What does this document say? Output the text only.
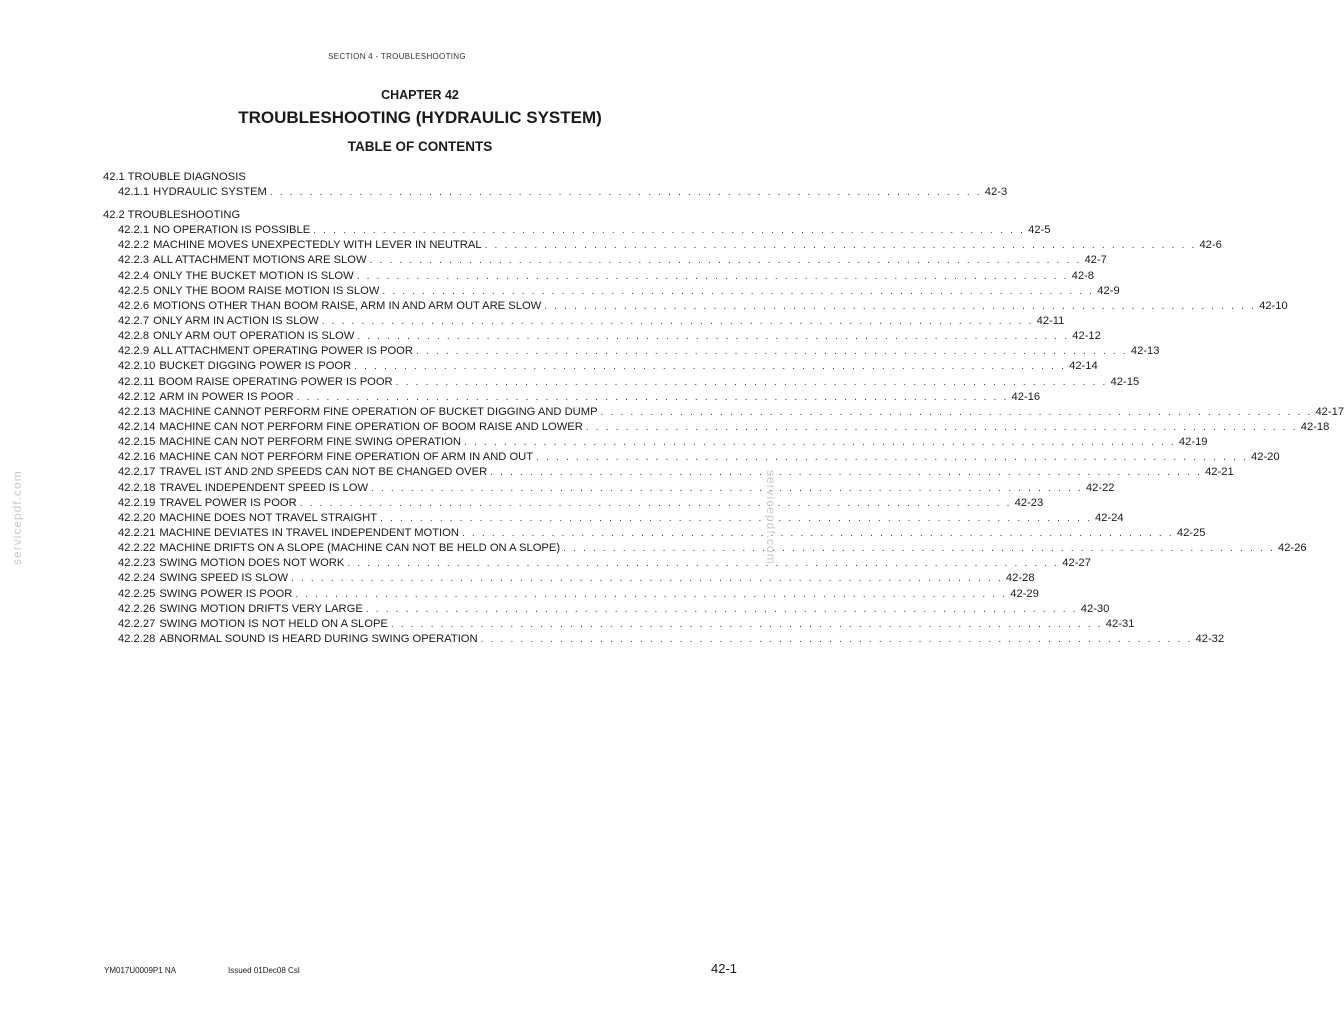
SECTION 4 - TROUBLESHOOTING
CHAPTER 42
TROUBLESHOOTING (HYDRAULIC SYSTEM)
TABLE OF CONTENTS
42.1 TROUBLE DIAGNOSIS
42.1.1 HYDRAULIC SYSTEM . . . . . . . . . . . . . . . . . . . . . . . . . . . . . . . . . . . . . . . . . . . . . . . . . . . . . . . . . . . . . . . . . . . . . . . . 42-3
42.2 TROUBLESHOOTING
42.2.1 NO OPERATION IS POSSIBLE . . . . . . . . . . . . . . . . . . . . . . . . . . . . . . . . . . . . . . . . . . . . . . . . . . . . . . . . . . . . . . . . . . . . . . . . 42-5
42.2.2 MACHINE MOVES UNEXPECTEDLY WITH LEVER IN NEUTRAL . . . . . . . . . . . . . . . . . . . . . . . . . . . . . . . . . . . . . . . . . . . . . . . . . . . . . . . . . . . . . . . . . . . . . . . . 42-6
42.2.3 ALL ATTACHMENT MOTIONS ARE SLOW . . . . . . . . . . . . . . . . . . . . . . . . . . . . . . . . . . . . . . . . . . . . . . . . . . . . . . . . . . . . . . . . . . . . . . . . 42-7
42.2.4 ONLY THE BUCKET MOTION IS SLOW . . . . . . . . . . . . . . . . . . . . . . . . . . . . . . . . . . . . . . . . . . . . . . . . . . . . . . . . . . . . . . . . . . . . . . . . 42-8
42.2.5 ONLY THE BOOM RAISE MOTION IS SLOW . . . . . . . . . . . . . . . . . . . . . . . . . . . . . . . . . . . . . . . . . . . . . . . . . . . . . . . . . . . . . . . . . . . . . . . . 42-9
42.2.6 MOTIONS OTHER THAN BOOM RAISE, ARM IN AND ARM OUT ARE SLOW . . . . . . . . . . . . . . . . . . . . . . . . . . . . . . . . . . . . . . . . . . . . . . . . . . . . . . . . . . . . . . . . . . . . . . . . 42-10
42.2.7 ONLY ARM IN ACTION IS SLOW . . . . . . . . . . . . . . . . . . . . . . . . . . . . . . . . . . . . . . . . . . . . . . . . . . . . . . . . . . . . . . . . . . . . . . . . 42-11
42.2.8 ONLY ARM OUT OPERATION IS SLOW . . . . . . . . . . . . . . . . . . . . . . . . . . . . . . . . . . . . . . . . . . . . . . . . . . . . . . . . . . . . . . . . . . . . . . . . 42-12
42.2.9 ALL ATTACHMENT OPERATING POWER IS POOR . . . . . . . . . . . . . . . . . . . . . . . . . . . . . . . . . . . . . . . . . . . . . . . . . . . . . . . . . . . . . . . . . . . . . . . . 42-13
42.2.10 BUCKET DIGGING POWER IS POOR . . . . . . . . . . . . . . . . . . . . . . . . . . . . . . . . . . . . . . . . . . . . . . . . . . . . . . . . . . . . . . . . . . . . . . . . 42-14
42.2.11 BOOM RAISE OPERATING POWER IS POOR . . . . . . . . . . . . . . . . . . . . . . . . . . . . . . . . . . . . . . . . . . . . . . . . . . . . . . . . . . . . . . . . . . . . . . . . 42-15
42.2.12 ARM IN POWER IS POOR . . . . . . . . . . . . . . . . . . . . . . . . . . . . . . . . . . . . . . . . . . . . . . . . . . . . . . . . . . . . . . . . . . . . . . . . 42-16
42.2.13 MACHINE CANNOT PERFORM FINE OPERATION OF BUCKET DIGGING AND DUMP . . . . . . . . . . . . . . . . . . . . . . . . . . . . . . . . . . . . . . . . . . . . . . . . . . . . . . . . . . . . . . . . . . . . . . . . 42-17
42.2.14 MACHINE CAN NOT PERFORM FINE OPERATION OF BOOM RAISE AND LOWER . . . . . . . . . . . . . . . . . . . . . . . . . . . . . . . . . . . . . . . . . . . . . . . . . . . . . . . . . . . . . . . . . . . . . . . . 42-18
42.2.15 MACHINE CAN NOT PERFORM FINE SWING OPERATION . . . . . . . . . . . . . . . . . . . . . . . . . . . . . . . . . . . . . . . . . . . . . . . . . . . . . . . . . . . . . . . . . . . . . . . . 42-19
42.2.16 MACHINE CAN NOT PERFORM FINE OPERATION OF ARM IN AND OUT . . . . . . . . . . . . . . . . . . . . . . . . . . . . . . . . . . . . . . . . . . . . . . . . . . . . . . . . . . . . . . . . . . . . . . . . 42-20
42.2.17 TRAVEL IST AND 2ND SPEEDS CAN NOT BE CHANGED OVER . . . . . . . . . . . . . . . . . . . . . . . . . . . . . . . . . . . . . . . . . . . . . . . . . . . . . . . . . . . . . . . . . . . . . . . . 42-21
42.2.18 TRAVEL INDEPENDENT SPEED IS LOW . . . . . . . . . . . . . . . . . . . . . . . . . . . . . . . . . . . . . . . . . . . . . . . . . . . . . . . . . . . . . . . . . . . . . . . . 42-22
42.2.19 TRAVEL POWER IS POOR . . . . . . . . . . . . . . . . . . . . . . . . . . . . . . . . . . . . . . . . . . . . . . . . . . . . . . . . . . . . . . . . . . . . . . . . 42-23
42.2.20 MACHINE DOES NOT TRAVEL STRAIGHT . . . . . . . . . . . . . . . . . . . . . . . . . . . . . . . . . . . . . . . . . . . . . . . . . . . . . . . . . . . . . . . . . . . . . . . . 42-24
42.2.21 MACHINE DEVIATES IN TRAVEL INDEPENDENT MOTION . . . . . . . . . . . . . . . . . . . . . . . . . . . . . . . . . . . . . . . . . . . . . . . . . . . . . . . . . . . . . . . . . . . . . . . . 42-25
42.2.22 MACHINE DRIFTS ON A SLOPE (MACHINE CAN NOT BE HELD ON A SLOPE) . . . . . . . . . . . . . . . . . . . . . . . . . . . . . . . . . . . . . . . . . . . . . . . . . . . . . . . . . . . . . . . . . . . . . . . . 42-26
42.2.23 SWING MOTION DOES NOT WORK . . . . . . . . . . . . . . . . . . . . . . . . . . . . . . . . . . . . . . . . . . . . . . . . . . . . . . . . . . . . . . . . . . . . . . . . 42-27
42.2.24 SWING SPEED IS SLOW . . . . . . . . . . . . . . . . . . . . . . . . . . . . . . . . . . . . . . . . . . . . . . . . . . . . . . . . . . . . . . . . . . . . . . . . 42-28
42.2.25 SWING POWER IS POOR . . . . . . . . . . . . . . . . . . . . . . . . . . . . . . . . . . . . . . . . . . . . . . . . . . . . . . . . . . . . . . . . . . . . . . . . 42-29
42.2.26 SWING MOTION DRIFTS VERY LARGE . . . . . . . . . . . . . . . . . . . . . . . . . . . . . . . . . . . . . . . . . . . . . . . . . . . . . . . . . . . . . . . . . . . . . . . . 42-30
42.2.27 SWING MOTION IS NOT HELD ON A SLOPE . . . . . . . . . . . . . . . . . . . . . . . . . . . . . . . . . . . . . . . . . . . . . . . . . . . . . . . . . . . . . . . . . . . . . . . . 42-31
42.2.28 ABNORMAL SOUND IS HEARD DURING SWING OPERATION . . . . . . . . . . . . . . . . . . . . . . . . . . . . . . . . . . . . . . . . . . . . . . . . . . . . . . . . . . . . . . . . . . . . . . . . 42-32
servicepdf.com	servicepdf.com
YM017U0009P1 NA	Issued 01Dec08 Csl	42-1
